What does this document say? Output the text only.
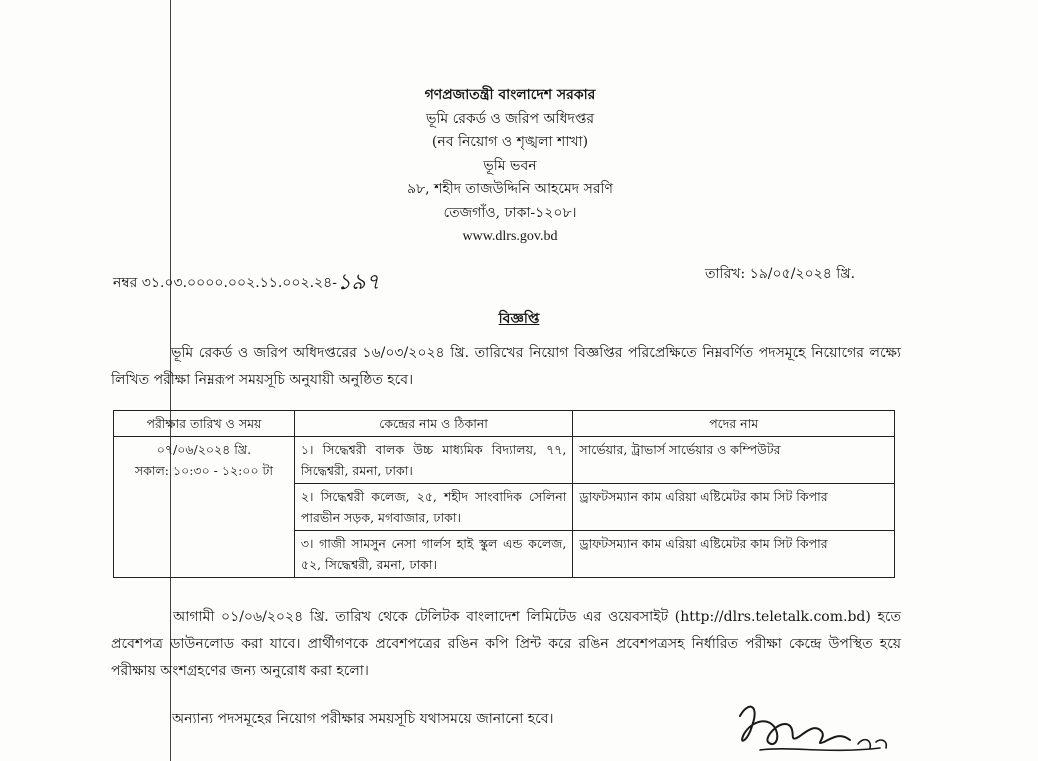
গণপ্রজাতন্ত্রী বাংলাদেশ সরকার
ভূমি রেকর্ড ও জরিপ অধিদপ্তর
(নব নিয়োগ ও শৃঙ্খলা শাখা)
ভূমি ভবন
৯৮, শহীদ তাজউদ্দিনি আহমেদ সরণি
তেজগাঁও, ঢাকা-১২০৮।
www.dlrs.gov.bd
নম্বর ৩১.০৩.০০০০.০০২.১১.০০২.২৪-১৯৭	তারিখ: ১৯/০৫/২০২৪ খ্রি.
বিজ্ঞপ্তি
ভূমি রেকর্ড ও জরিপ অধিদপ্তরের ১৬/০৩/২০২৪ খ্রি. তারিখের নিয়োগ বিজ্ঞপ্তির পরিপ্রেক্ষিতে নিম্নবর্ণিত পদসমূহে নিয়োগের লক্ষ্যে লিখিত পরীক্ষা নিম্নরূপ সময়সূচি অনুযায়ী অনুষ্ঠিত হবে।
পরীক্ষার তারিখ ও সময়	কেন্দ্রের নাম ও ঠিকানা	পদের নাম

০৭/০৬/২০২৪ খ্রি.
সকাল: ১০:৩০ - ১২:০০ টা	১। সিদ্ধেশ্বরী বালক উচ্চ মাধ্যমিক বিদ্যালয়, ৭৭, সিদ্ধেশ্বরী, রমনা, ঢাকা।	সার্ভেয়ার, ট্রাভার্স সার্ভেয়ার ও কম্পিউটর
	২। সিদ্ধেশ্বরী কলেজ, ২৫, শহীদ সাংবাদিক সেলিনা পারভীন সড়ক, মগবাজার, ঢাকা।	ড্রাফটসম্যান কাম এরিয়া এষ্টিমেটর কাম সিট কিপার
	৩। গাজী সামসুন নেসা গার্লস হাই স্কুল এন্ড কলেজ, ৫২, সিদ্ধেশ্বরী, রমনা, ঢাকা।	ড্রাফটসম্যান কাম এরিয়া এষ্টিমেটর কাম সিট কিপার
আগামী ০১/০৬/২০২৪ খ্রি. তারিখ থেকে টেলিটক বাংলাদেশ লিমিটেড এর ওয়েবসাইট (http://dlrs.teletalk.com.bd) হতে প্রবেশপত্র ডাউনলোড করা যাবে। প্রার্থীগণকে প্রবেশপত্রের রঙিন কপি প্রিন্ট করে রঙিন প্রবেশপত্রসহ নির্ধারিত পরীক্ষা কেন্দ্রে উপস্থিত হয়ে পরীক্ষায় অংশগ্রহণের জন্য অনুরোধ করা হলো।
অন্যান্য পদসমূহের নিয়োগ পরীক্ষার সময়সূচি যথাসময়ে জানানো হবে।
